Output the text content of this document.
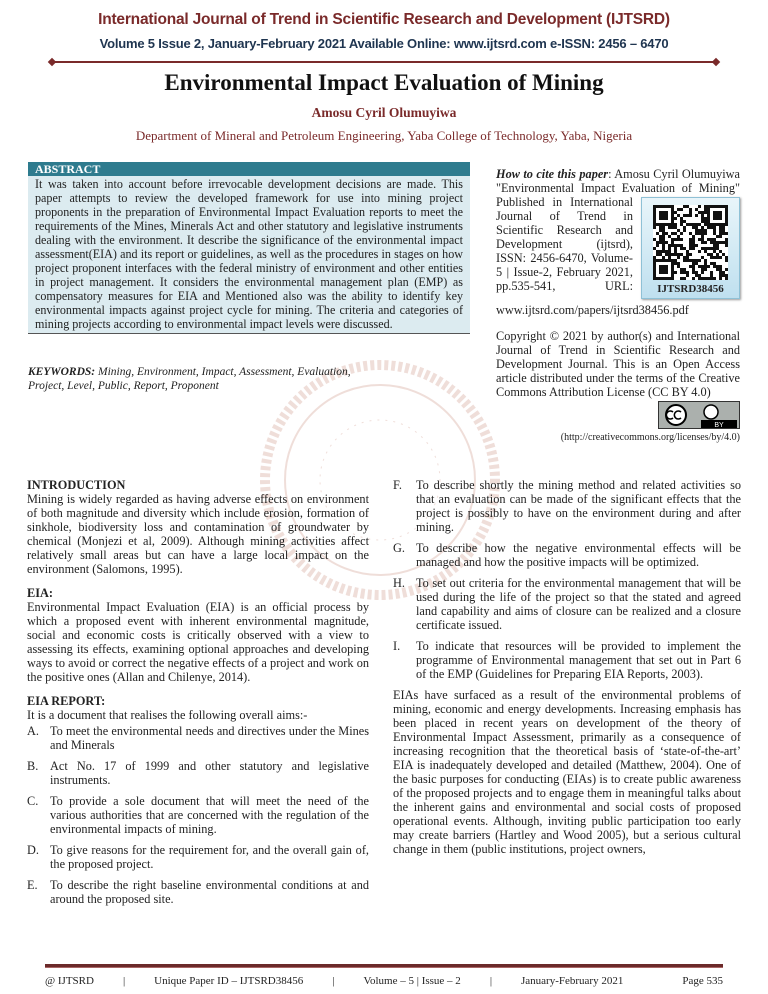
International Journal of Trend in Scientific Research and Development (IJTSRD)
Volume 5 Issue 2, January-February 2021 Available Online: www.ijtsrd.com e-ISSN: 2456 – 6470
Environmental Impact Evaluation of Mining
Amosu Cyril Olumuyiwa
Department of Mineral and Petroleum Engineering, Yaba College of Technology, Yaba, Nigeria
ABSTRACT
It was taken into account before irrevocable development decisions are made. This paper attempts to review the developed framework for use into mining project proponents in the preparation of Environmental Impact Evaluation reports to meet the requirements of the Mines, Minerals Act and other statutory and legislative instruments dealing with the environment. It describe the significance of the environmental impact assessment(EIA) and its report or guidelines, as well as the procedures in stages on how project proponent interfaces with the federal ministry of environment and other entities in project management. It considers the environmental management plan (EMP) as compensatory measures for EIA and Mentioned also was the ability to identify key environmental impacts against project cycle for mining. The criteria and categories of mining projects according to environmental impact levels were discussed.
KEYWORDS: Mining, Environment, Impact, Assessment, Evaluation, Project, Level, Public, Report, Proponent
IJTSRD38456
How to cite this paper: Amosu Cyril Olumuyiwa "Environmental Impact Evaluation of Mining" Published in International Journal of Trend in Scientific Research and Development (ijtsrd), ISSN: 2456-6470, Volume-5 | Issue-2, February 2021, pp.535-541, URL: www.ijtsrd.com/papers/ijtsrd38456.pdf
BY
Copyright © 2021 by author(s) and International Journal of Trend in Scientific Research and Development Journal. This is an Open Access article distributed under the terms of the Creative Commons Attribution License (CC BY 4.0)
(http://creativecommons.org/licenses/by/4.0)
INTRODUCTION
Mining is widely regarded as having adverse effects on environment of both magnitude and diversity which include erosion, formation of sinkhole, biodiversity loss and contamination of groundwater by chemical (Monjezi et al, 2009). Although mining activities affect relatively small areas but can have a large local impact on the environment (Salomons, 1995).
EIA:
Environmental Impact Evaluation (EIA) is an official process by which a proposed event with inherent environmental magnitude, social and economic costs is critically observed with a view to assessing its effects, examining optional approaches and developing ways to avoid or correct the negative effects of a project and work on the positive ones (Allan and Chilenye, 2014).
EIA REPORT:
It is a document that realises the following overall aims:-
A. To meet the environmental needs and directives under the Mines and Minerals
B. Act No. 17 of 1999 and other statutory and legislative instruments.
C. To provide a sole document that will meet the need of the various authorities that are concerned with the regulation of the environmental impacts of mining.
D. To give reasons for the requirement for, and the overall gain of, the proposed project.
E. To describe the right baseline environmental conditions at and around the proposed site.
F. To describe shortly the mining method and related activities so that an evaluation can be made of the significant effects that the project is possibly to have on the environment during and after mining.
G. To describe how the negative environmental effects will be managed and how the positive impacts will be optimized.
H. To set out criteria for the environmental management that will be used during the life of the project so that the stated and agreed land capability and aims of closure can be realized and a closure certificate issued.
I. To indicate that resources will be provided to implement the programme of Environmental management that set out in Part 6 of the EMP (Guidelines for Preparing EIA Reports, 2003).
EIAs have surfaced as a result of the environmental problems of mining, economic and energy developments. Increasing emphasis has been placed in recent years on development of the theory of Environmental Impact Assessment, primarily as a consequence of increasing recognition that the theoretical basis of ‘state-of-the-art’ EIA is inadequately developed and detailed (Matthew, 2004). One of the basic purposes for conducting (EIAs) is to create public awareness of the proposed projects and to engage them in meaningful talks about the inherent gains and environmental and social costs of proposed operational events. Although, inviting public participation too early may create barriers (Hartley and Wood 2005), but a serious cultural change in them (public institutions, project owners,
@ IJTSRD	|	Unique Paper ID – IJTSRD38456	|	Volume – 5 | Issue – 2	|	January-February 2021	Page 535
